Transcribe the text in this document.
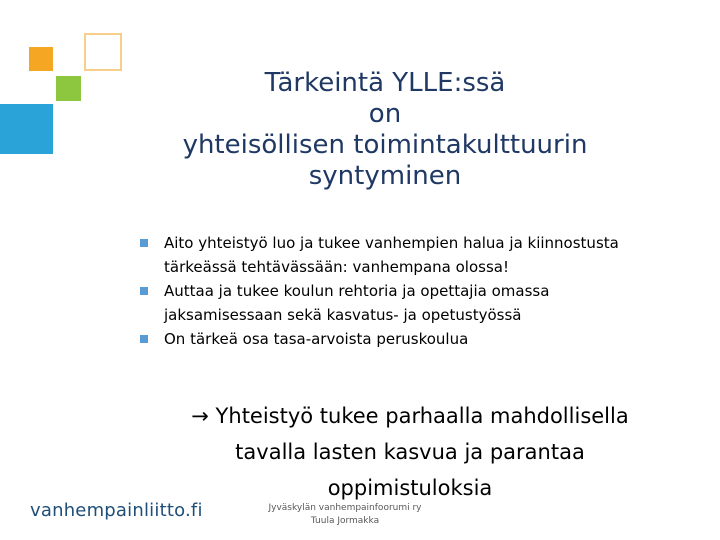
Tärkeintä YLLE:ssä
on
yhteisöllisen toimintakulttuurin
syntyminen
Aito yhteistyö luo ja tukee vanhempien halua ja kiinnostusta
tärkeässä tehtävässään: vanhempana olossa!
Auttaa ja tukee koulun rehtoria ja opettajia omassa
jaksamisessaan sekä kasvatus- ja opetustyössä
On tärkeä osa tasa-arvoista peruskoulua
→ Yhteistyö tukee parhaalla mahdollisella
tavalla lasten kasvua ja parantaa
oppimistuloksia
vanhempainliitto.fi	Jyväskylän vanhempainfoorumi ry
Tuula Jormakka
